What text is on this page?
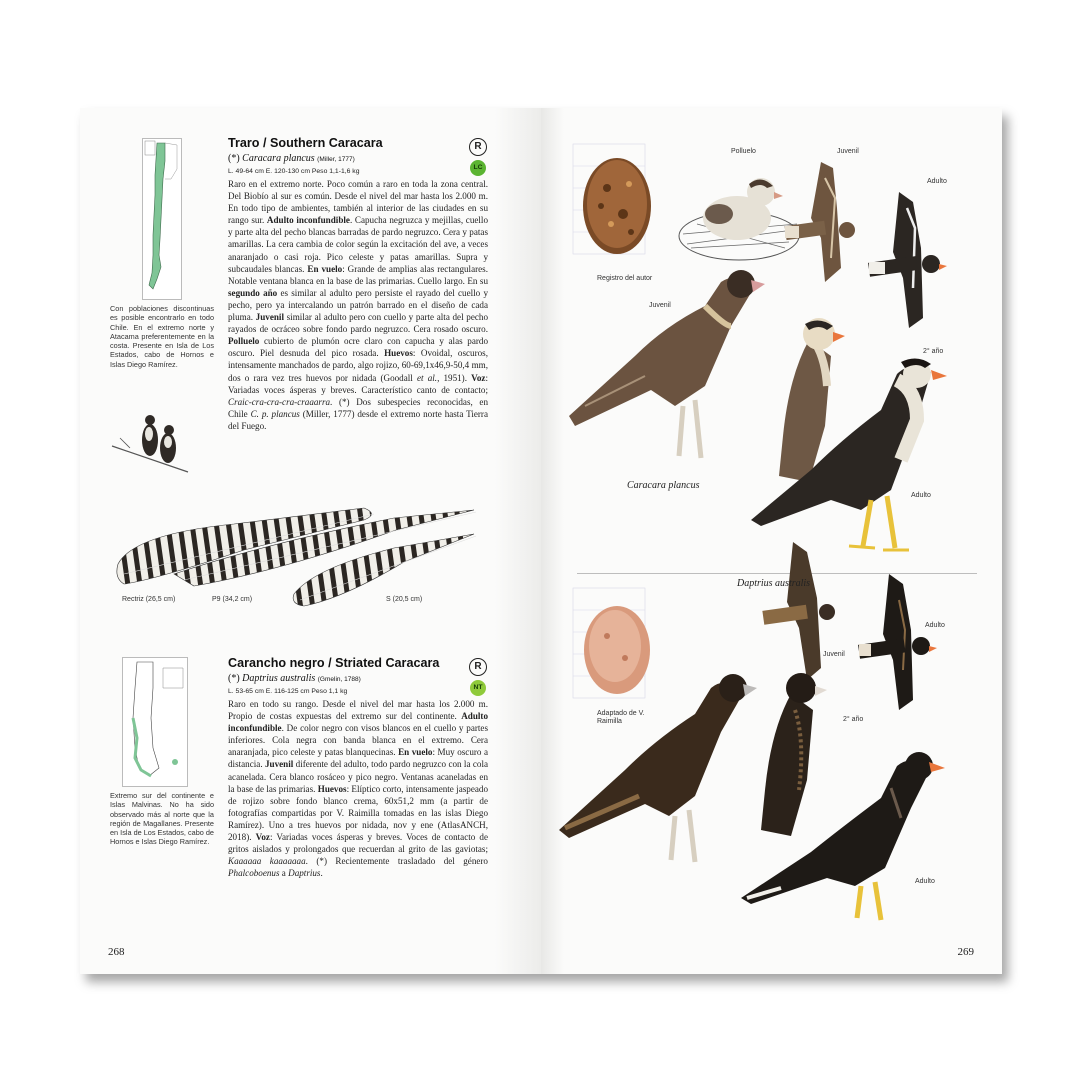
Con poblaciones discontinuas es posible encontrarlo en todo Chile. En el extremo norte y Atacama preferentemente en la costa. Presente en Isla de Los Estados, cabo de Hornos e Islas Diego Ramírez.
Traro / Southern Caracara	R
LC
(*) Caracara plancus (Miller, 1777)
L. 49-64 cm E. 120-130 cm Peso 1,1-1,6 kg
Raro en el extremo norte. Poco común a raro en toda la zona central. Del Biobío al sur es común. Desde el nivel del mar hasta los 2.000 m. En todo tipo de ambientes, también al interior de las ciudades en su rango sur. Adulto inconfundible. Capucha negruzca y mejillas, cuello y parte alta del pecho blancas barradas de pardo negruzco. Cera y patas amarillas. La cera cambia de color según la excitación del ave, a veces anaranjado o casi roja. Pico celeste y patas amarillas. Supra y subcaudales blancas. En vuelo: Grande de amplias alas rectangulares. Notable ventana blanca en la base de las primarias. Cuello largo. En su segundo año es similar al adulto pero persiste el rayado del cuello y pecho, pero ya intercalando un patrón barrado en el diseño de cada pluma. Juvenil similar al adulto pero con cuello y parte alta del pecho rayados de ocráceo sobre fondo pardo negruzco. Cera rosado oscuro. Polluelo cubierto de plumón ocre claro con capucha y alas pardo oscuro. Piel desnuda del pico rosada. Huevos: Ovoidal, oscuros, intensamente manchados de pardo, algo rojizo, 60-69,1x46,9-50,4 mm, dos o rara vez tres huevos por nidada (Goodall et al., 1951). Voz: Variadas voces ásperas y breves. Característico canto de contacto; Craic-cra-cra-cra-craaarra. (*) Dos subespecies reconocidas, en Chile C. p. plancus (Miller, 1777) desde el extremo norte hasta Tierra del Fuego.
Rectriz (26,5 cm)	P9 (34,2 cm)	S (20,5 cm)
Extremo sur del continente e Islas Malvinas. No ha sido observado más al norte que la región de Magallanes. Presente en Isla de Los Estados, cabo de Hornos e Islas Diego Ramírez.
Carancho negro / Striated Caracara	R
NT
(*) Daptrius australis (Gmelin, 1788)
L. 53-65 cm E. 116-125 cm Peso 1,1 kg
Raro en todo su rango. Desde el nivel del mar hasta los 2.000 m. Propio de costas expuestas del extremo sur del continente. Adulto inconfundible. De color negro con visos blancos en el cuello y partes inferiores. Cola negra con banda blanca en el extremo. Cera anaranjada, pico celeste y patas blanquecinas. En vuelo: Muy oscuro a distancia. Juvenil diferente del adulto, todo pardo negruzco con la cola acanelada. Cera blanco rosáceo y pico negro. Ventanas acaneladas en la base de las primarias. Huevos: Elíptico corto, intensamente jaspeado de rojizo sobre fondo blanco crema, 60x51,2 mm (a partir de fotografías compartidas por V. Raimilla tomadas en las islas Diego Ramírez). Uno a tres huevos por nidada, nov y ene (AtlasANCH, 2018). Voz: Variadas voces ásperas y breves. Voces de contacto de gritos aislados y prolongados que recuerdan al grito de las gaviotas; Kaaaaaa kaaaaaaa. (*) Recientemente trasladado del género Phalcoboenus a Daptrius.
268
Registro del autor
Polluelo	Juvenil
Adulto
Juvenil
2° año
Adulto
Caracara plancus
Adaptado de V. Raimilla
Juvenil
Adulto
Daptrius australis
2° año
Adulto
269
